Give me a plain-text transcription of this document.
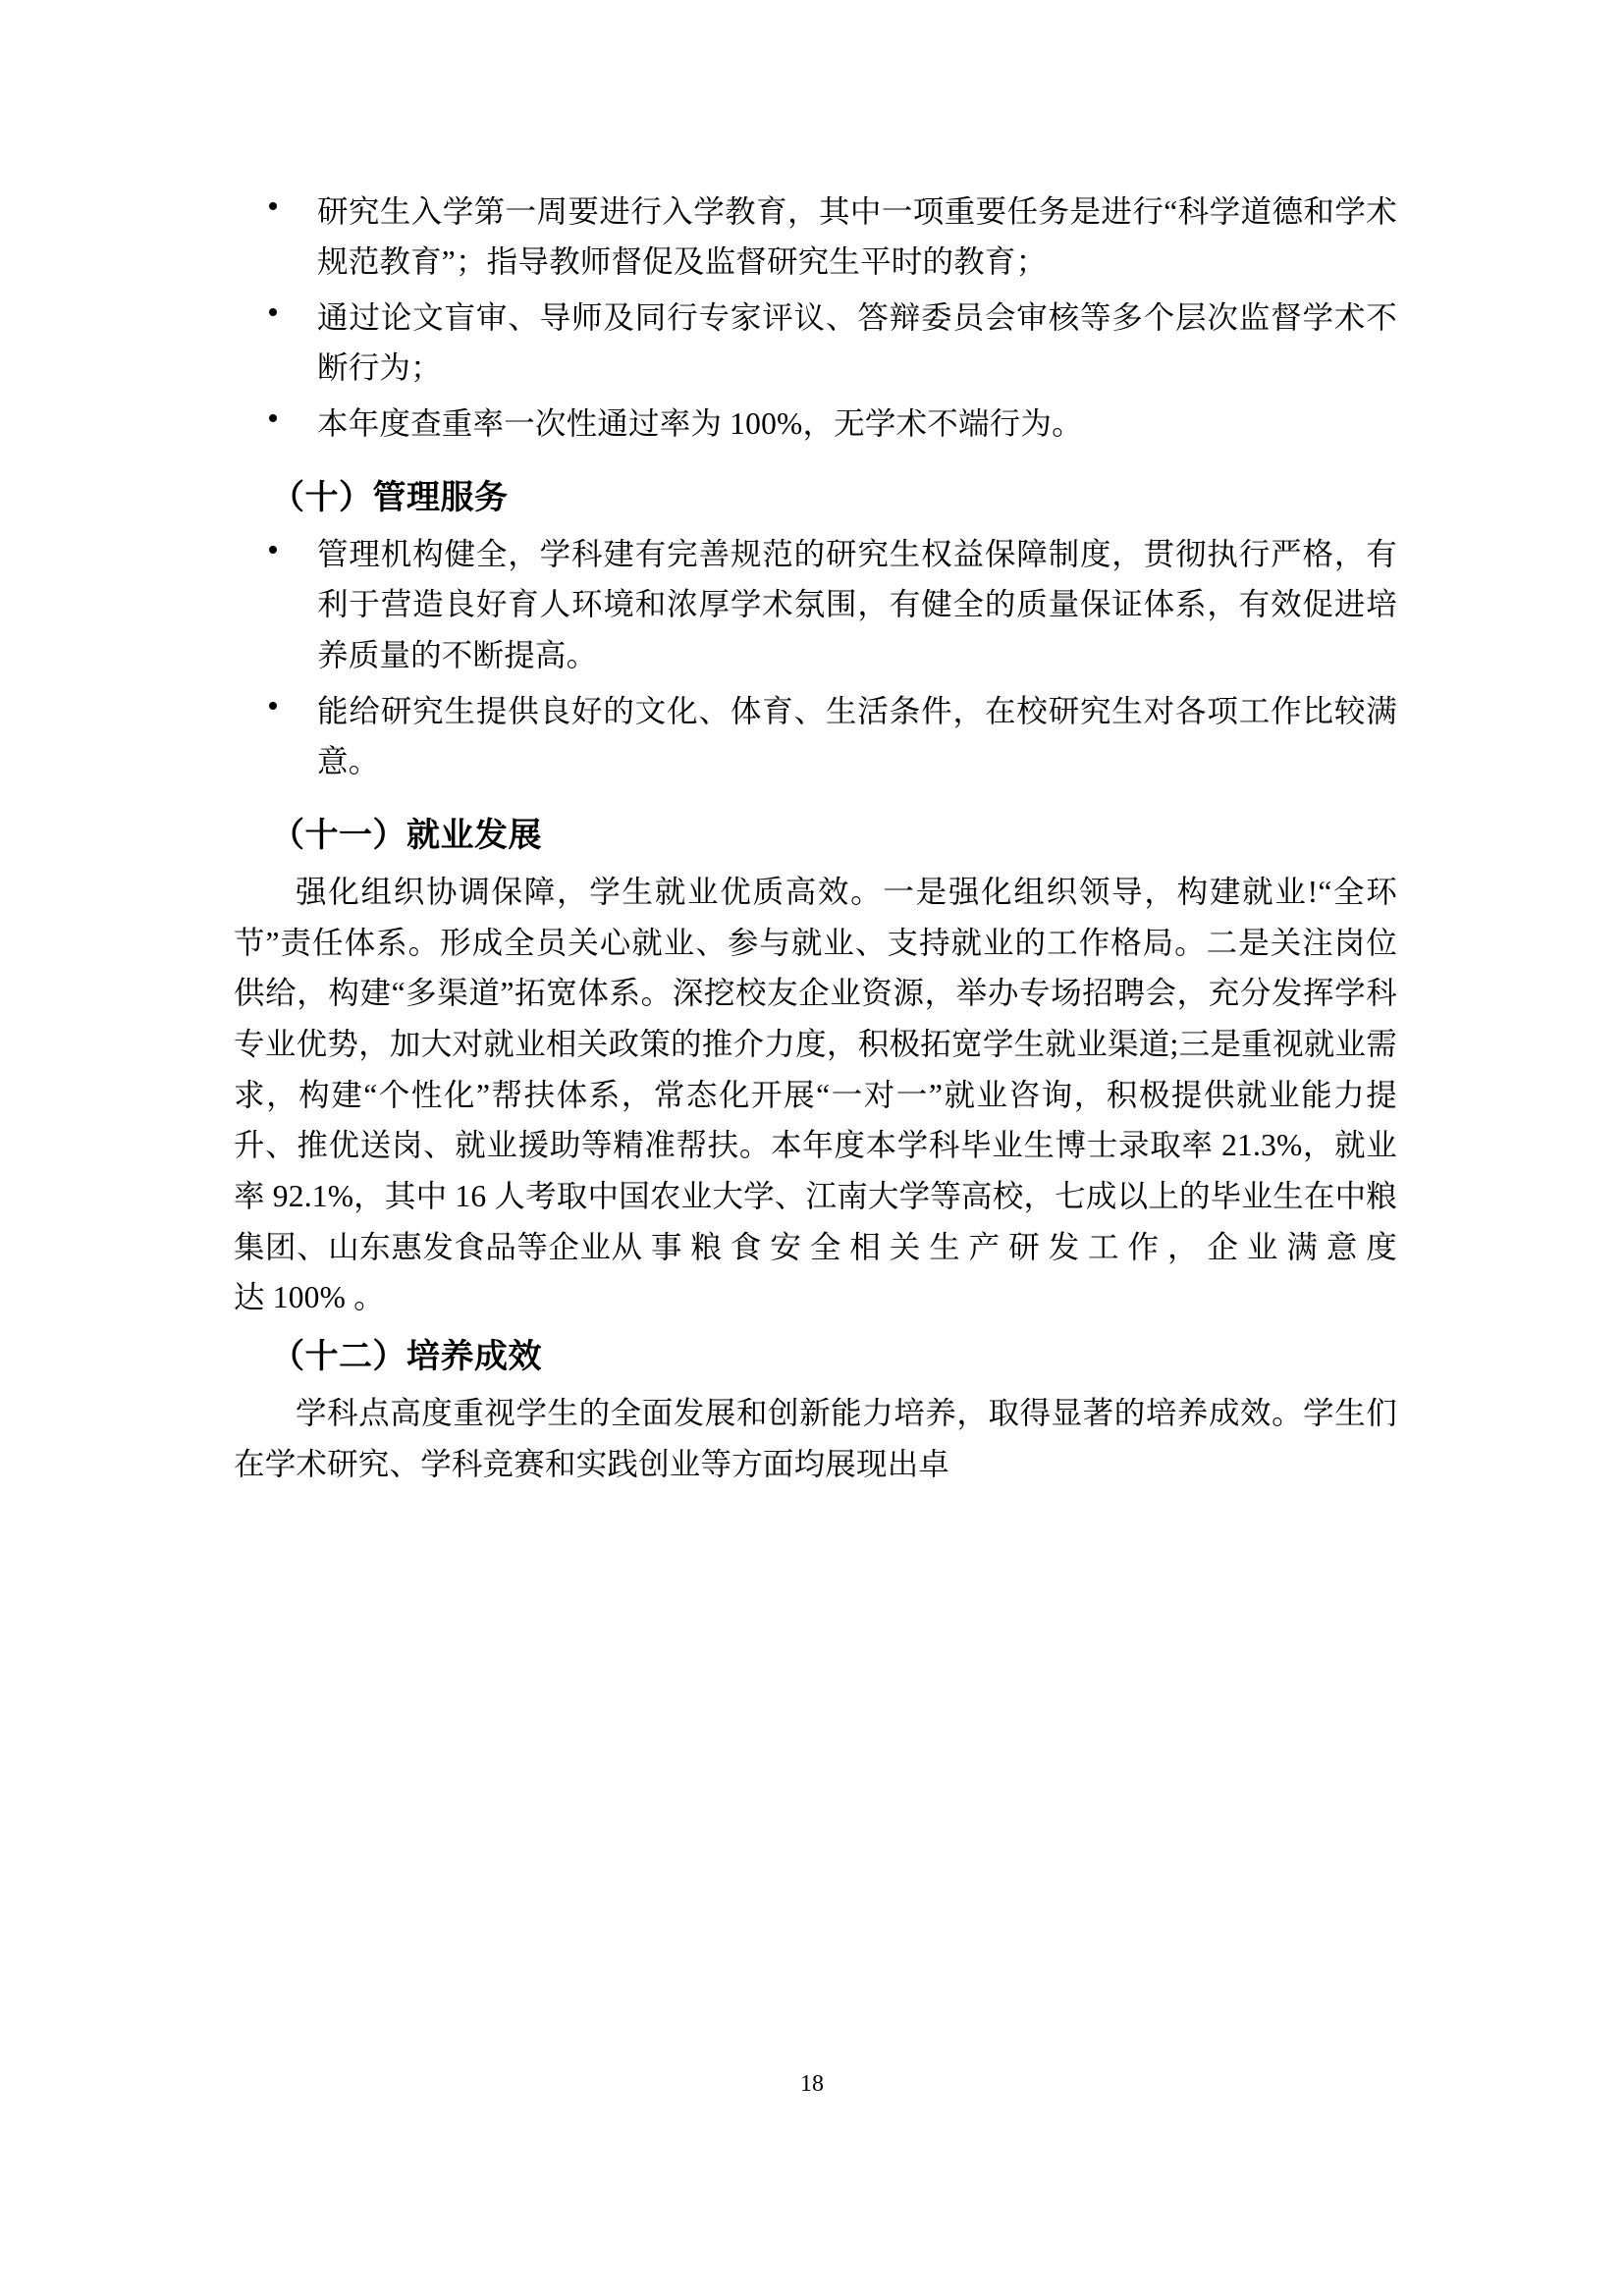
研究生入学第一周要进行入学教育，其中一项重要任务是进行“科学道德和学术规范教育”；指导教师督促及监督研究生平时的教育；
通过论文盲审、导师及同行专家评议、答辩委员会审核等多个层次监督学术不断行为；
本年度查重率一次性通过率为 100%，无学术不端行为。
（十）管理服务
管理机构健全，学科建有完善规范的研究生权益保障制度，贯彻执行严格，有利于营造良好育人环境和浓厚学术氛围，有健全的质量保证体系，有效促进培养质量的不断提高。
能给研究生提供良好的文化、体育、生活条件，在校研究生对各项工作比较满意。
（十一）就业发展

强化组织协调保障，学生就业优质高效。一是强化组织领导，构建就业!“全环节”责任体系。形成全员关心就业、参与就业、支持就业的工作格局。二是关注岗位供给，构建“多渠道”拓宽体系。深挖校友企业资源，举办专场招聘会，充分发挥学科专业优势，加大对就业相关政策的推介力度，积极拓宽学生就业渠道;三是重视就业需求，构建“个性化”帮扶体系，常态化开展“一对一”就业咨询，积极提供就业能力提升、推优送岗、就业援助等精准帮扶。本年度本学科毕业生博士录取率 21.3%，就业率 92.1%，其中 16 人考取中国农业大学、江南大学等高校，七成以上的毕业生在中粮集团、山东惠发食品等企业从 事 粮 食 安 全 相 关 生 产 研 发 工 作 ， 企 业 满 意 度 达 100% 。

（十二）培养成效

学科点高度重视学生的全面发展和创新能力培养，取得显著的培养成效。学生们在学术研究、学科竞赛和实践创业等方面均展现出卓

18
